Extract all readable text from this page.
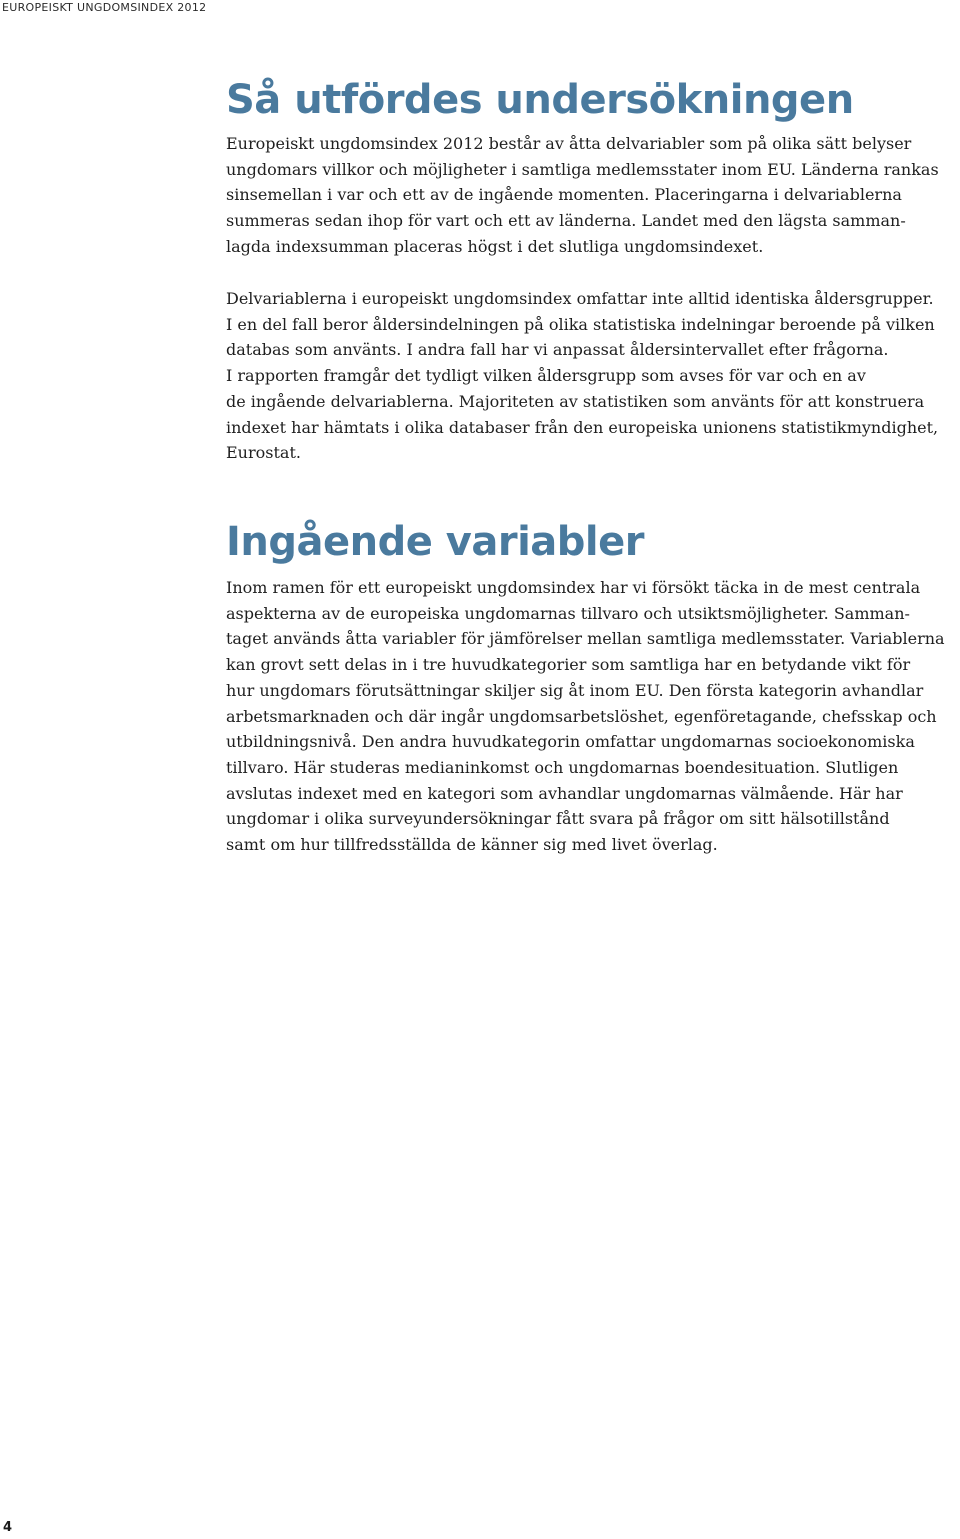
EUROPEISKT UNGDOMSINDEX 2012
Så utfördes undersökningen
Europeiskt ungdomsindex 2012 består av åtta delvariabler som på olika sätt belyser
ungdomars villkor och möjligheter i samtliga medlemsstater inom EU. Länderna rankas
sinsemellan i var och ett av de ingående momenten. Placeringarna i delvariablerna
summeras sedan ihop för vart och ett av länderna. Landet med den lägsta samman-
lagda indexsumman placeras högst i det slutliga ungdomsindexet.
Delvariablerna i europeiskt ungdomsindex omfattar inte alltid identiska åldersgrupper.
I en del fall beror åldersindelningen på olika statistiska indelningar beroende på vilken
databas som använts. I andra fall har vi anpassat åldersintervallet efter frågorna.
I rapporten framgår det tydligt vilken åldersgrupp som avses för var och en av
de ingående delvariablerna. Majoriteten av statistiken som använts för att konstruera
indexet har hämtats i olika databaser från den europeiska unionens statistikmyndighet,
Eurostat.
Ingående variabler
Inom ramen för ett europeiskt ungdomsindex har vi försökt täcka in de mest centrala
aspekterna av de europeiska ungdomarnas tillvaro och utsiktsmöjligheter. Samman-
taget används åtta variabler för jämförelser mellan samtliga medlemsstater. Variablerna
kan grovt sett delas in i tre huvudkategorier som samtliga har en betydande vikt för
hur ungdomars förutsättningar skiljer sig åt inom EU. Den första kategorin avhandlar
arbetsmarknaden och där ingår ungdomsarbetslöshet, egenföretagande, chefsskap och
utbildningsnivå. Den andra huvudkategorin omfattar ungdomarnas socioekonomiska
tillvaro. Här studeras medianinkomst och ungdomarnas boendesituation. Slutligen
avslutas indexet med en kategori som avhandlar ungdomarnas välmående. Här har
ungdomar i olika surveyundersökningar fått svara på frågor om sitt hälsotillstånd
samt om hur tillfredsställda de känner sig med livet överlag.
4
